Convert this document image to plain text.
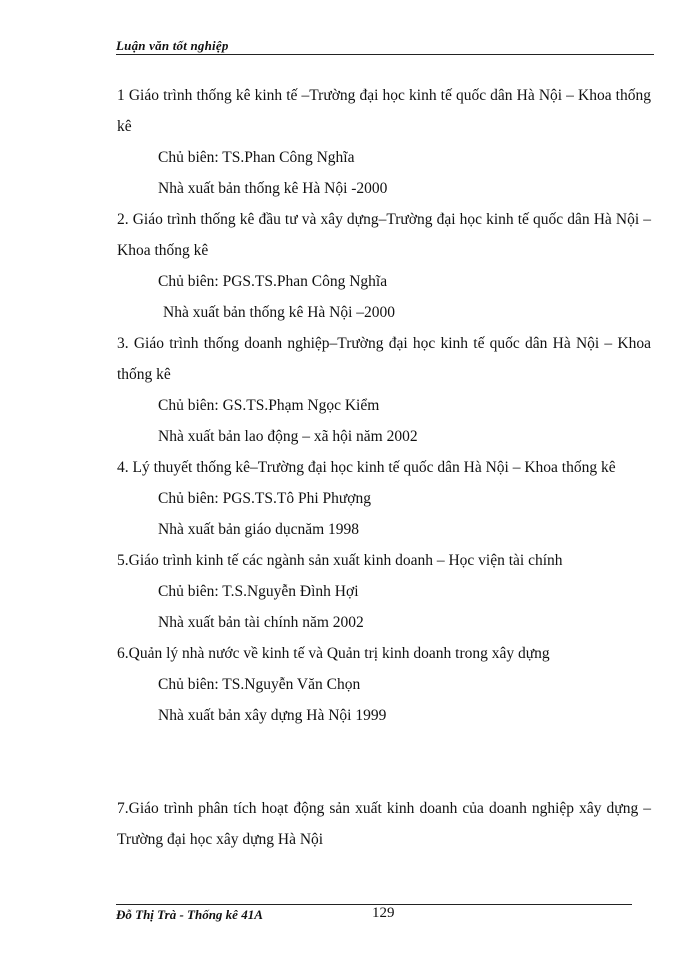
Luận văn tốt nghiệp

1 Giáo trình thống kê kinh tế –Trường đại học kinh tế quốc dân Hà Nội – Khoa thống kê

Chủ biên: TS.Phan Công Nghĩa

Nhà xuất bản thống kê Hà Nội -2000

2. Giáo trình thống kê đầu tư và xây dựng–Trường đại học kinh tế quốc dân Hà Nội – Khoa thống kê

Chủ biên: PGS.TS.Phan Công Nghĩa

Nhà xuất bản thống kê Hà Nội –2000

3. Giáo trình thống doanh nghiệp–Trường đại học kinh tế quốc dân Hà Nội – Khoa thống kê

Chủ biên: GS.TS.Phạm Ngọc Kiểm

Nhà xuất bản lao động – xã hội năm 2002

4. Lý thuyết thống kê–Trường đại học kinh tế quốc dân Hà Nội – Khoa thống kê

Chủ biên: PGS.TS.Tô Phi Phượng

Nhà xuất bản giáo dụcnăm 1998

5.Giáo trình kinh tế các ngành sản xuất kinh doanh – Học viện tài chính

Chủ biên: T.S.Nguyễn Đình Hợi

Nhà xuất bản tài chính năm 2002

6.Quản lý nhà nước về kinh tế và Quản trị kinh doanh trong xây dựng

Chủ biên: TS.Nguyễn Văn Chọn

Nhà xuất bản xây dựng Hà Nội 1999

7.Giáo trình phân tích hoạt động sản xuất kinh doanh của doanh nghiệp xây dựng – Trường đại học xây dựng Hà Nội

Đỗ Thị Trà - Thống kê 41A	129
